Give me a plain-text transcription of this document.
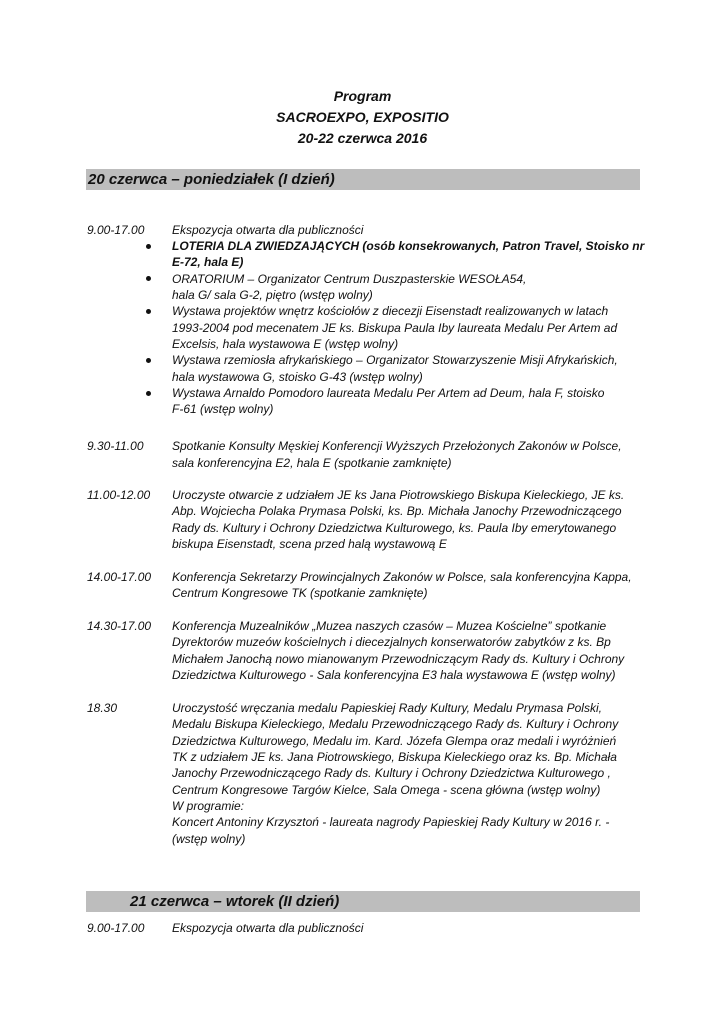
Program
SACROEXPO, EXPOSITIO
20-22 czerwca 2016
20 czerwca – poniedziałek (I dzień)
9.00-17.00 Ekspozycja otwarta dla publiczności
LOTERIA DLA ZWIEDZAJĄCYCH (osób konsekrowanych, Patron Travel, Stoisko nr
E-72, hala E)
ORATORIUM – Organizator Centrum Duszpasterskie WESOŁA54,
hala G/ sala G-2, piętro (wstęp wolny)
Wystawa projektów wnętrz kościołów z diecezji Eisenstadt realizowanych w latach
1993-2004 pod mecenatem JE ks. Biskupa Paula Iby laureata Medalu Per Artem ad
Excelsis, hala wystawowa E (wstęp wolny)
Wystawa rzemiosła afrykańskiego – Organizator Stowarzyszenie Misji Afrykańskich,
hala wystawowa G, stoisko G-43 (wstęp wolny)
Wystawa Arnaldo Pomodoro laureata Medalu Per Artem ad Deum, hala F, stoisko
F-61 (wstęp wolny)
9.30-11.00 Spotkanie Konsulty Męskiej Konferencji Wyższych Przełożonych Zakonów w Polsce,
sala konferencyjna E2, hala E (spotkanie zamknięte)
11.00-12.00 Uroczyste otwarcie z udziałem JE ks Jana Piotrowskiego Biskupa Kieleckiego, JE ks.
Abp. Wojciecha Polaka Prymasa Polski, ks. Bp. Michała Janochy Przewodniczącego
Rady ds. Kultury i Ochrony Dziedzictwa Kulturowego, ks. Paula Iby emerytowanego
biskupa Eisenstadt, scena przed halą wystawową E
14.00-17.00 Konferencja Sekretarzy Prowincjalnych Zakonów w Polsce, sala konferencyjna Kappa,
Centrum Kongresowe TK (spotkanie zamknięte)
14.30-17.00 Konferencja Muzealników „Muzea naszych czasów – Muzea Kościelne” spotkanie
Dyrektorów muzeów kościelnych i diecezjalnych konserwatorów zabytków z ks. Bp
Michałem Janochą nowo mianowanym Przewodniczącym Rady ds. Kultury i Ochrony
Dziedzictwa Kulturowego - Sala konferencyjna E3 hala wystawowa E (wstęp wolny)
18.30	Uroczystość wręczania medalu Papieskiej Rady Kultury, Medalu Prymasa Polski,
Medalu Biskupa Kieleckiego, Medalu Przewodniczącego Rady ds. Kultury i Ochrony
Dziedzictwa Kulturowego, Medalu im. Kard. Józefa Glempa oraz medali i wyróżnień
TK z udziałem JE ks. Jana Piotrowskiego, Biskupa Kieleckiego oraz ks. Bp. Michała
Janochy Przewodniczącego Rady ds. Kultury i Ochrony Dziedzictwa Kulturowego ,
Centrum Kongresowe Targów Kielce, Sala Omega - scena główna (wstęp wolny)
W programie:
Koncert Antoniny Krzysztoń - laureata nagrody Papieskiej Rady Kultury w 2016 r. -
(wstęp wolny)
21 czerwca – wtorek (II dzień)
9.00-17.00 Ekspozycja otwarta dla publiczności
